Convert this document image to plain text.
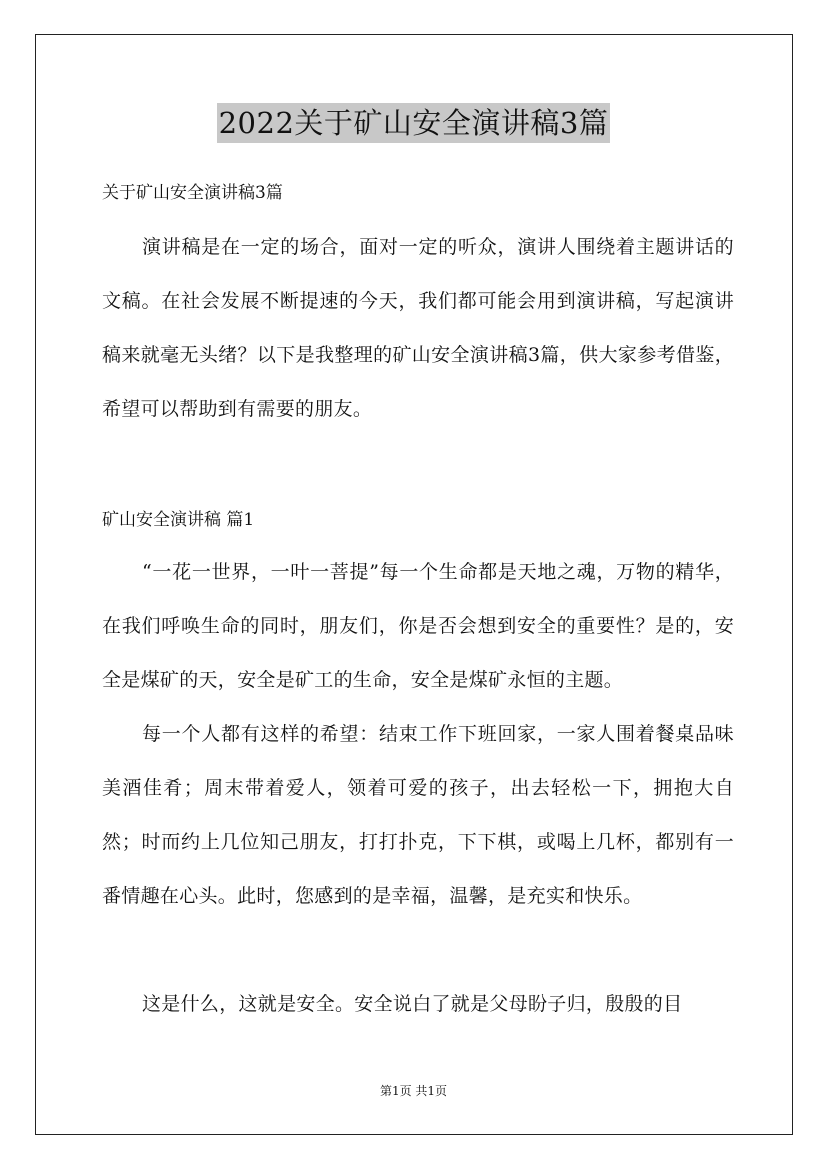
2022关于矿山安全演讲稿3篇
关于矿山安全演讲稿3篇

演讲稿是在一定的场合，面对一定的听众，演讲人围绕着主题讲话的文稿。在社会发展不断提速的今天，我们都可能会用到演讲稿，写起演讲稿来就毫无头绪？以下是我整理的矿山安全演讲稿3篇，供大家参考借鉴，希望可以帮助到有需要的朋友。

矿山安全演讲稿 篇1

“一花一世界，一叶一菩提”每一个生命都是天地之魂，万物的精华，在我们呼唤生命的同时，朋友们，你是否会想到安全的重要性？是的，安全是煤矿的天，安全是矿工的生命，安全是煤矿永恒的主题。

每一个人都有这样的希望：结束工作下班回家，一家人围着餐桌品味美酒佳肴；周末带着爱人，领着可爱的孩子，出去轻松一下，拥抱大自然；时而约上几位知己朋友，打打扑克，下下棋，或喝上几杯，都别有一番情趣在心头。此时，您感到的是幸福，温馨，是充实和快乐。

这是什么，这就是安全。安全说白了就是父母盼子归，殷殷的目

第1页 共1页
